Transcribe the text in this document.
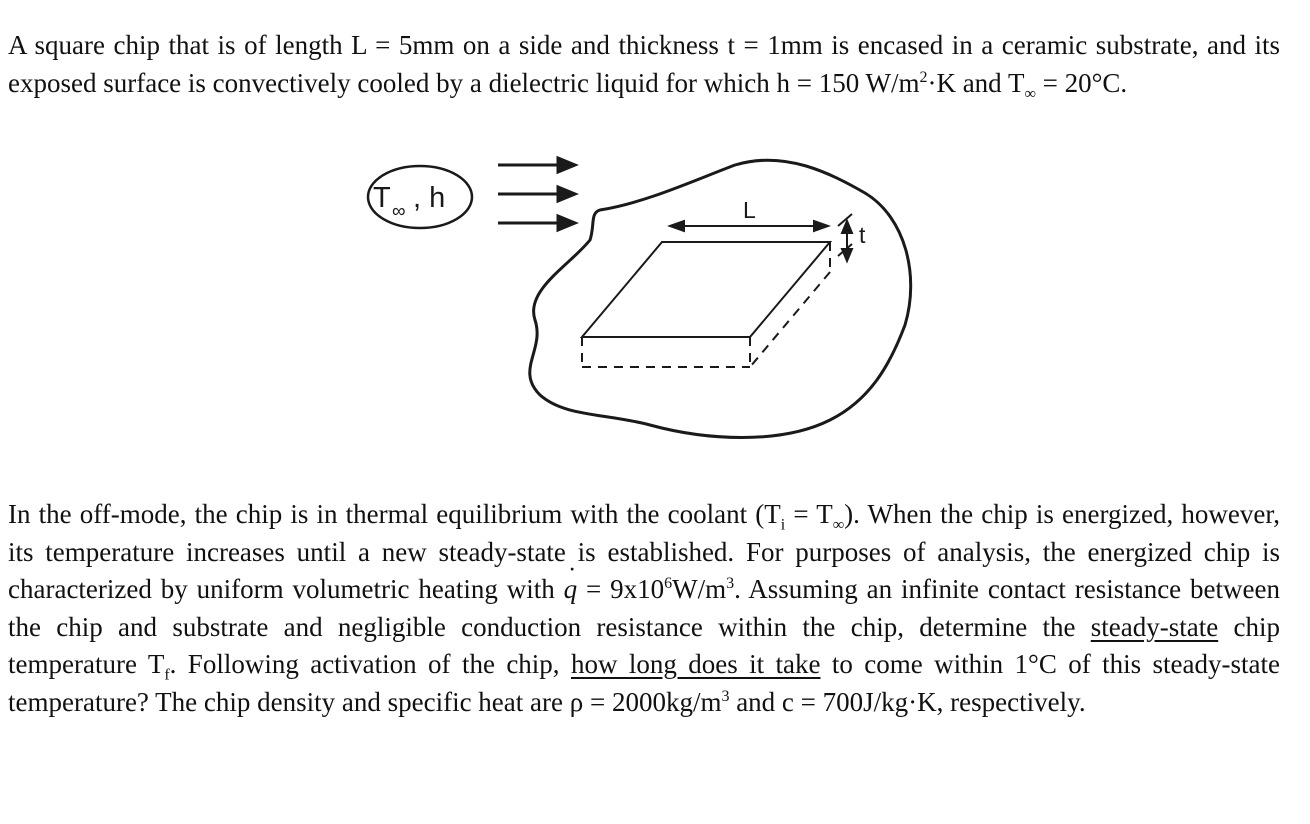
A square chip that is of length L = 5mm on a side and thickness t = 1mm is encased in a ceramic substrate, and its exposed surface is convectively cooled by a dielectric liquid for which h = 150 $W/m^2\cdot K$ and $T_\infty = 20^\circ C$.

T ∞ , h	L
t

In the off-mode, the chip is in thermal equilibrium with the coolant $(T_i = T_\infty)$. When the chip is energized, however, its temperature increases until a new steady-state is established. For purposes of analysis, the energized chip is characterized by uniform volumetric heating with ˙ $q = 9x10^6W/m^3$. Assuming an infinite contact resistance between the chip and substrate and negligible conduction resistance within the chip, determine the steady-state chip temperature $T_f$. Following activation of the chip, how long does it take to come within 1°C of this steady-state temperature? The chip density and specific heat are $\rho = 2000kg/m^3$ and c = 700J/kg·K, respectively.
